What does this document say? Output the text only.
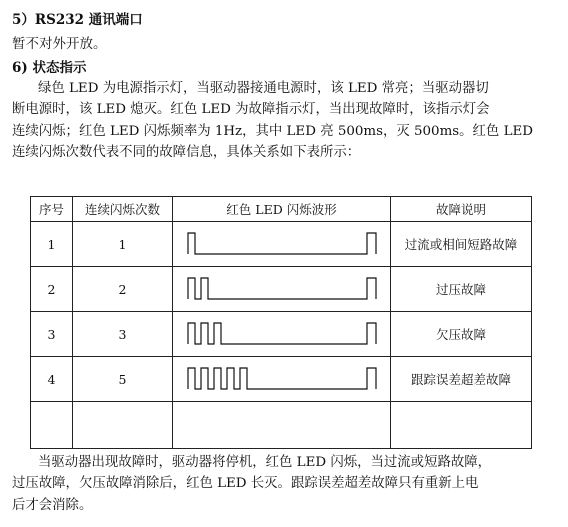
5）RS232 通讯端口
暂不对外开放。
6) 状态指示
绿色 LED 为电源指示灯，当驱动器接通电源时，该 LED 常亮；当驱动器切
断电源时，该 LED 熄灭。红色 LED 为故障指示灯，当出现故障时，该指示灯会
连续闪烁；红色 LED 闪烁频率为 1Hz，其中 LED 亮 500ms，灭 500ms。红色 LED
连续闪烁次数代表不同的故障信息，具体关系如下表所示：
序号	连续闪烁次数	红色 LED 闪烁波形	故障说明
1	1		过流或相间短路故障
2	2		过压故障
3	3		欠压故障
4	5		跟踪误差超差故障

当驱动器出现故障时，驱动器将停机，红色 LED 闪烁，当过流或短路故障，
过压故障，欠压故障消除后，红色 LED 长灭。跟踪误差超差故障只有重新上电
后才会消除。
